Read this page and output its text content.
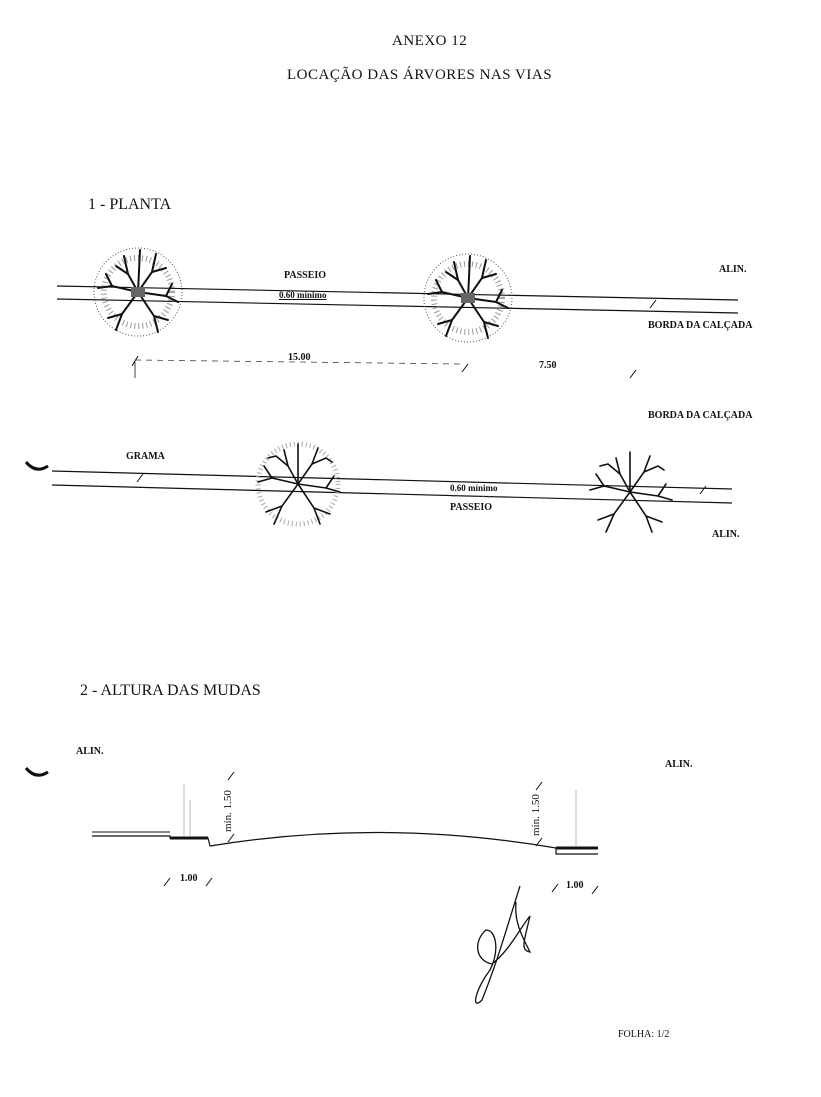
ANEXO 12
LOCAÇÃO DAS ÁRVORES NAS VIAS
1 - PLANTA
PASSEIO
0.60 mínimo
ALIN.
BORDA DA CALÇADA
15.00
7.50
BORDA DA CALÇADA
GRAMA
0.60 mínimo
PASSEIO
ALIN.
2 - ALTURA DAS MUDAS
ALIN.
ALIN.
mín. 1.50	mín. 1.50
1.00
1.00
FOLHA: 1/2
